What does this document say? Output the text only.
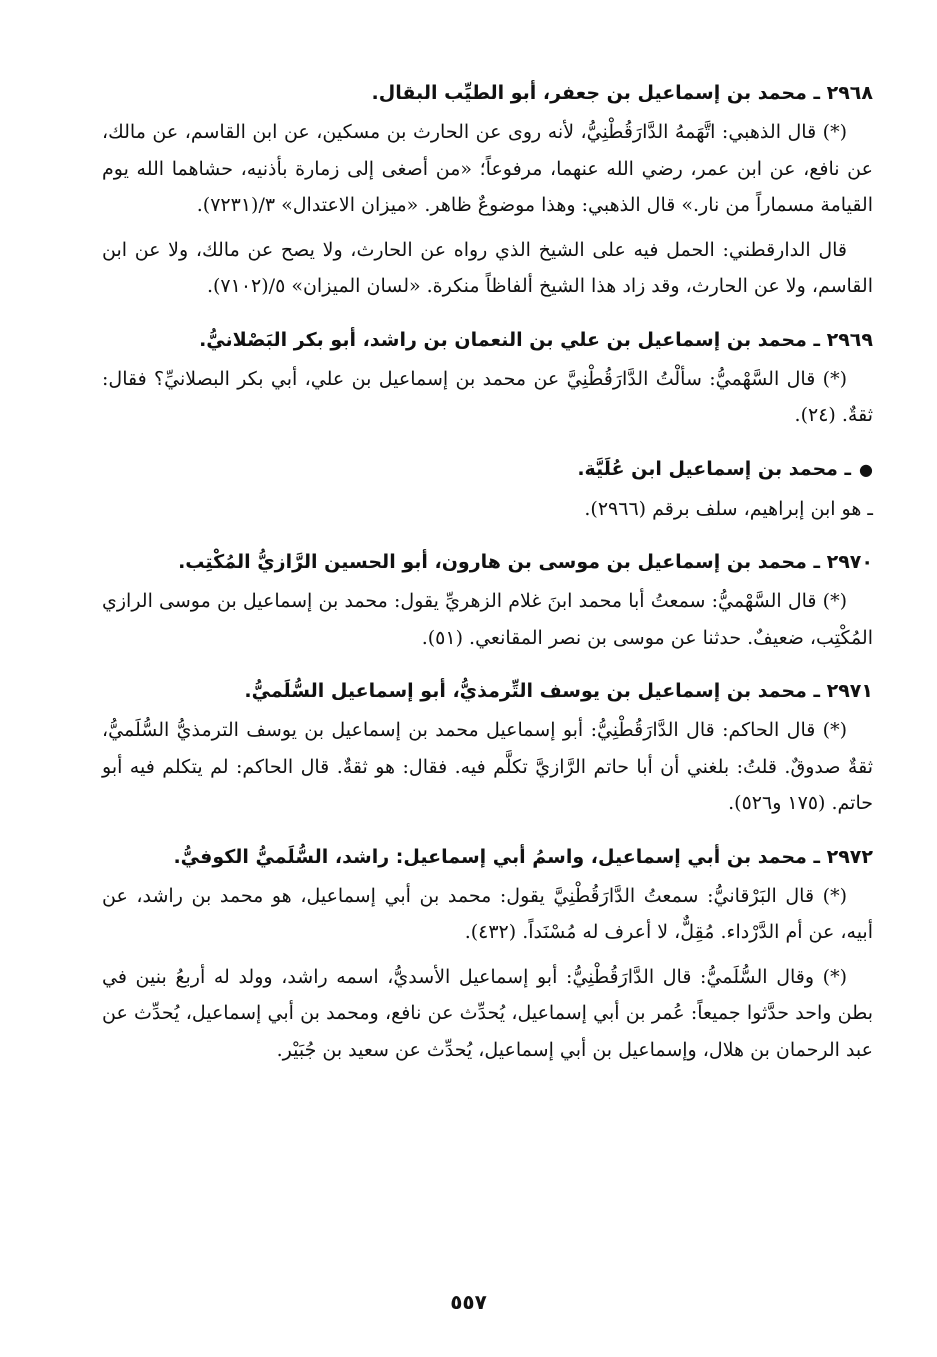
٢٩٦٨ ـ محمد بن إسماعيل بن جعفر، أبو الطيِّب البقال.

(*) قال الذهبي: اتَّهَمهُ الدَّارَقُطْنِيُّ، لأنه روى عن الحارث بن مسكين، عن ابن القاسم، عن مالك، عن نافع، عن ابن عمر، رضي الله عنهما، مرفوعاً؛ «من أصغى إلى زمارة بأذنيه، حشاهما الله يوم القيامة مسماراً من نار.» قال الذهبي: وهذا موضوعٌ ظاهر. «ميزان الاعتدال» ٣/(٧٢٣١).

قال الدارقطني: الحمل فيه على الشيخ الذي رواه عن الحارث، ولا يصح عن مالك، ولا عن ابن القاسم، ولا عن الحارث، وقد زاد هذا الشيخ ألفاظاً منكرة. «لسان الميزان» ٥/(٧١٠٢).

٢٩٦٩ ـ محمد بن إسماعيل بن علي بن النعمان بن راشد، أبو بكر البَصْلانيُّ.

(*) قال السَّهْميُّ: سألْتُ الدَّارَقُطْنِيَّ عن محمد بن إسماعيل بن علي، أبي بكر البصلانيِّ؟ فقال: ثقةٌ. (٢٤).

●ـ محمد بن إسماعيل ابن عُلَيَّة.

ـ هو ابن إبراهيم، سلف برقم (٢٩٦٦).

٢٩٧٠ ـ محمد بن إسماعيل بن موسى بن هارون، أبو الحسين الرَّازيُّ المُكْتِب.

(*) قال السَّهْميُّ: سمعتُ أبا محمد ابنَ غلام الزهريِّ يقول: محمد بن إسماعيل بن موسى الرازي المُكْتِب، ضعيفٌ. حدثنا عن موسى بن نصر المقانعي. (٥١).

٢٩٧١ ـ محمد بن إسماعيل بن يوسف التِّرمذيُّ، أبو إسماعيل السُّلَميُّ.

(*) قال الحاكم: قال الدَّارَقُطْنِيُّ: أبو إسماعيل محمد بن إسماعيل بن يوسف الترمذيُّ السُّلَميُّ، ثقةٌ صدوقٌ. قلتُ: بلغني أن أبا حاتم الرَّازيَّ تكلَّم فيه. فقال: هو ثقةٌ. قال الحاكم: لم يتكلم فيه أبو حاتم. (١٧٥ و٥٢٦).

٢٩٧٢ ـ محمد بن أبي إسماعيل، واسمُ أبي إسماعيل: راشد، السُّلَميُّ الكوفيُّ.

(*) قال البَرْقانيُّ: سمعتُ الدَّارَقُطْنِيَّ يقول: محمد بن أبي إسماعيل، هو محمد بن راشد، عن أبيه، عن أم الدَّرْداء. مُقِلٌّ، لا أعرف له مُسْنَداً. (٤٣٢).

(*) وقال السُّلَميُّ: قال الدَّارَقُطْنِيُّ: أبو إسماعيل الأسديُّ، اسمه راشد، وولد له أربعُ بنين في بطن واحد حدَّثوا جميعاً: عُمر بن أبي إسماعيل، يُحدِّث عن نافع، ومحمد بن أبي إسماعيل، يُحدِّث عن عبد الرحمان بن هلال، وإسماعيل بن أبي إسماعيل، يُحدِّث عن سعيد بن جُبَيْر.

٥٥٧
